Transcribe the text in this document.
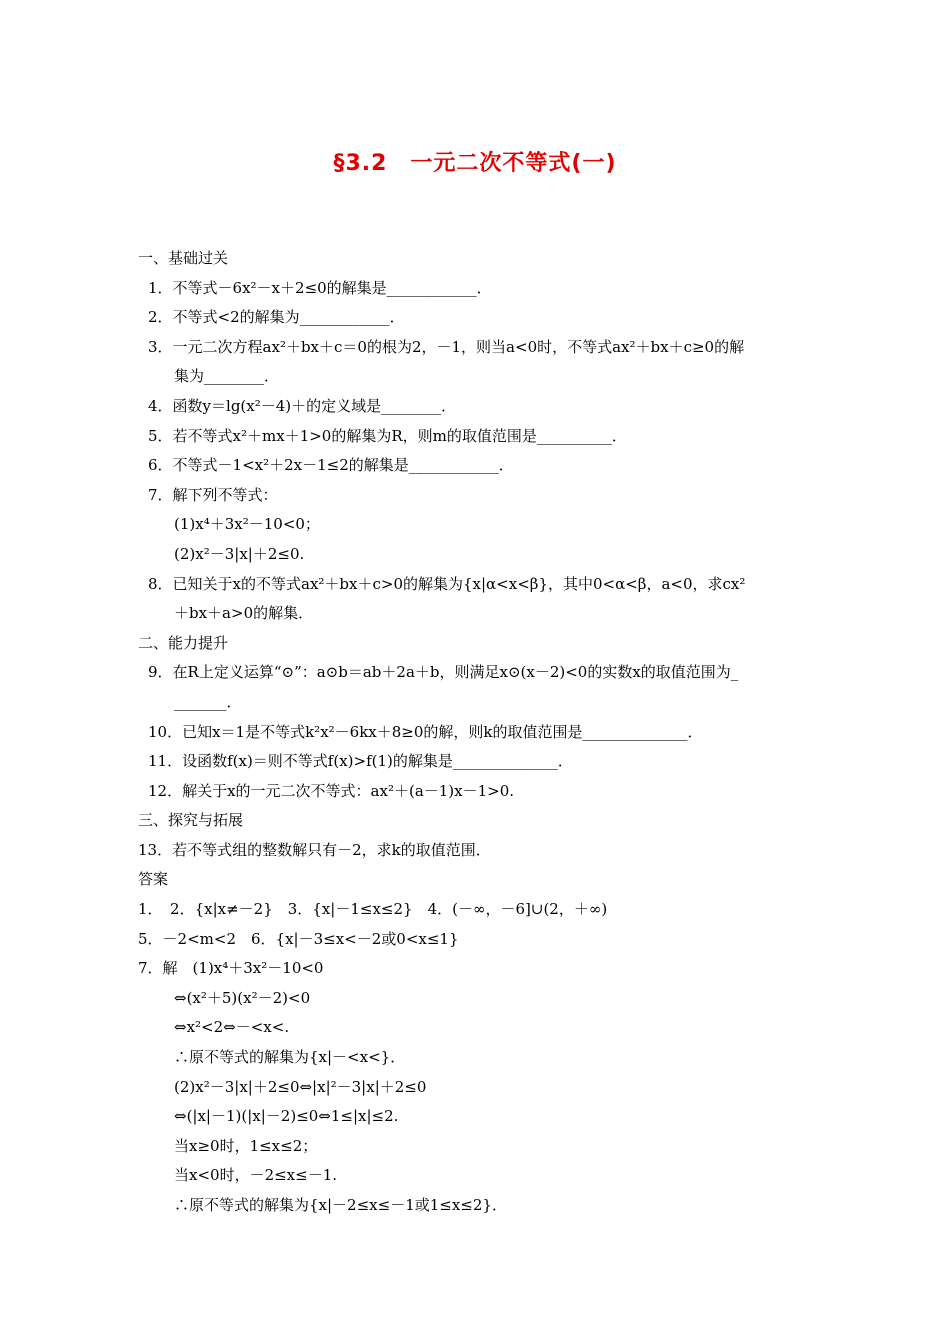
§3.2　一元二次不等式(一)
一、基础过关
1．不等式－6x²－x＋2≤0的解集是____________．
2．不等式<2的解集为____________．
3．一元二次方程ax²＋bx＋c＝0的根为2，－1，则当a<0时，不等式ax²＋bx＋c≥0的解
集为________．
4．函数y＝lg(x²－4)＋的定义域是________．
5．若不等式x²＋mx＋1>0的解集为R，则m的取值范围是__________．
6．不等式－1<x²＋2x－1≤2的解集是____________．
7．解下列不等式：
(1)x⁴＋3x²－10<0；
(2)x²－3|x|＋2≤0.
8．已知关于x的不等式ax²＋bx＋c>0的解集为{x|α<x<β}，其中0<α<β，a<0，求cx²
＋bx＋a>0的解集．
二、能力提升
9．在R上定义运算“⊙”：a⊙b＝ab＋2a＋b，则满足x⊙(x－2)<0的实数x的取值范围为_
_______．
10．已知x＝1是不等式k²x²－6kx＋8≥0的解，则k的取值范围是______________．
11．设函数f(x)＝则不等式f(x)>f(1)的解集是______________．
12．解关于x的一元二次不等式：ax²＋(a－1)x－1>0.
三、探究与拓展
13．若不等式组的整数解只有－2，求k的取值范围．
答案
1．　2．{x|x≠－2}　3．{x|－1≤x≤2}　4．(－∞，－6]∪(2，＋∞)
5．－2<m<2　6．{x|－3≤x<－2或0<x≤1}
7．解　(1)x⁴＋3x²－10<0
⇔(x²＋5)(x²－2)<0
⇔x²<2⇔－<x<.
∴原不等式的解集为{x|－<x<}．
(2)x²－3|x|＋2≤0⇔|x|²－3|x|＋2≤0
⇔(|x|－1)(|x|－2)≤0⇔1≤|x|≤2.
当x≥0时，1≤x≤2；
当x<0时，－2≤x≤－1.
∴原不等式的解集为{x|－2≤x≤－1或1≤x≤2}．
